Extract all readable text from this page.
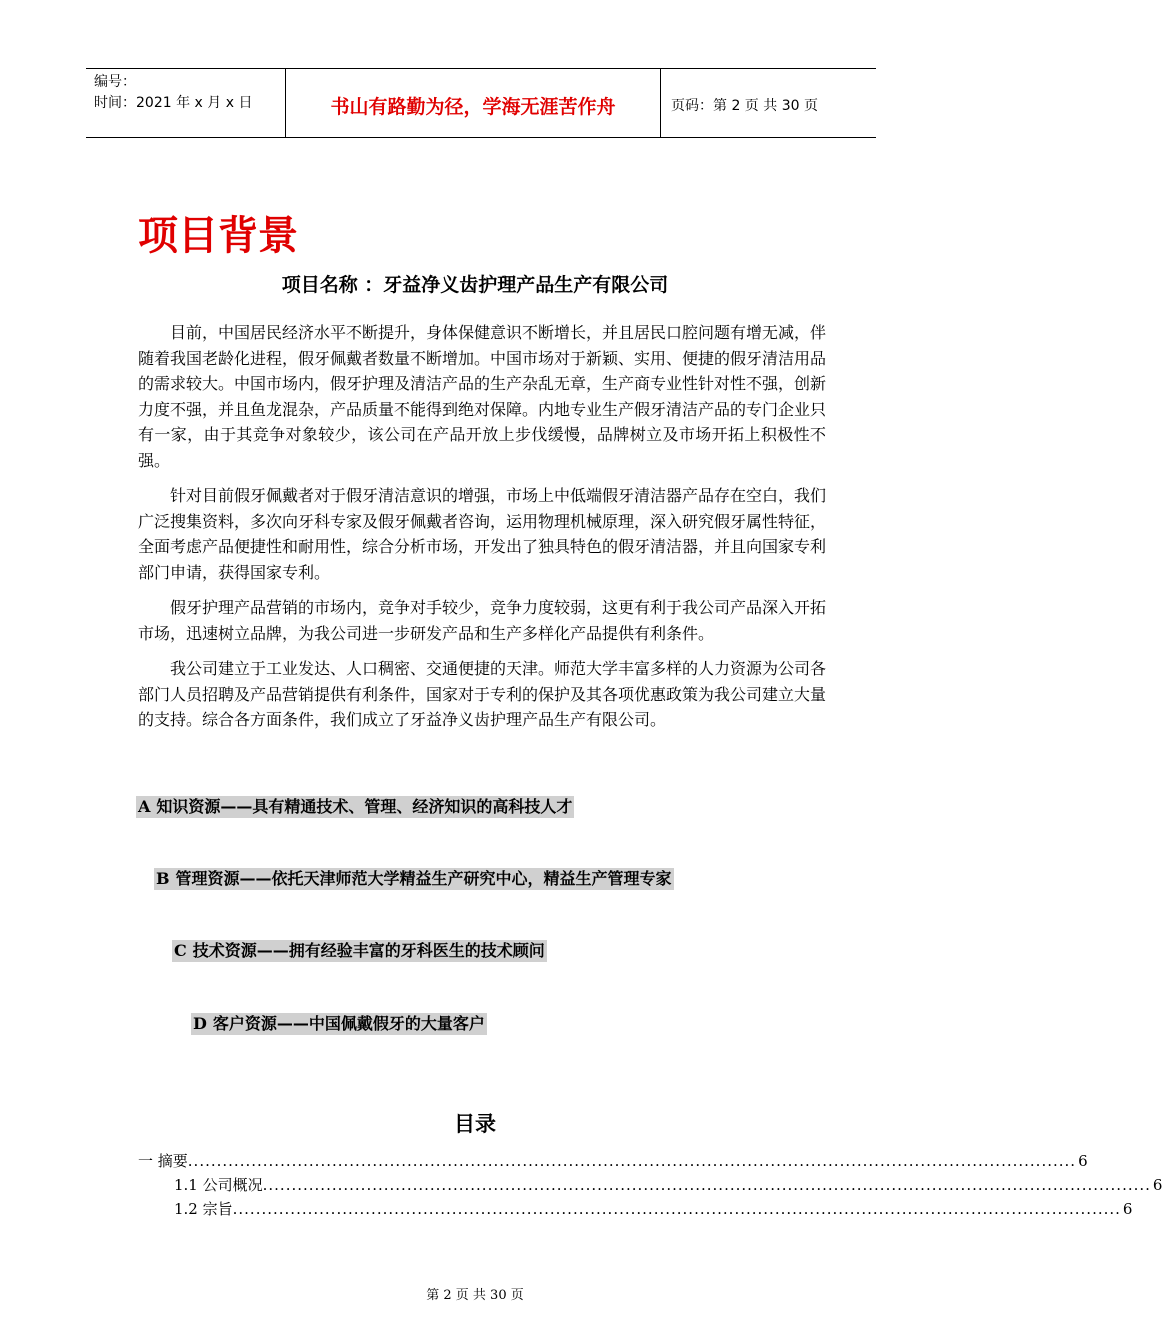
编号：
时间：2021 年 x 月 x 日	书山有路勤为径，学海无涯苦作舟	页码：第 2 页 共 30 页
项目背景
项目名称 ：牙益净义齿护理产品生产有限公司

目前，中国居民经济水平不断提升，身体保健意识不断增长，并且居民口腔问题有增无减，伴随着我国老龄化进程，假牙佩戴者数量不断增加。中国市场对于新颖、实用、便捷的假牙清洁用品的需求较大。中国市场内，假牙护理及清洁产品的生产杂乱无章，生产商专业性针对性不强，创新力度不强，并且鱼龙混杂，产品质量不能得到绝对保障。内地专业生产假牙清洁产品的专门企业只有一家，由于其竞争对象较少，该公司在产品开放上步伐缓慢，品牌树立及市场开拓上积极性不强。

针对目前假牙佩戴者对于假牙清洁意识的增强，市场上中低端假牙清洁器产品存在空白，我们广泛搜集资料，多次向牙科专家及假牙佩戴者咨询，运用物理机械原理，深入研究假牙属性特征，全面考虑产品便捷性和耐用性，综合分析市场，开发出了独具特色的假牙清洁器，并且向国家专利部门申请，获得国家专利。

假牙护理产品营销的市场内，竞争对手较少，竞争力度较弱，这更有利于我公司产品深入开拓市场，迅速树立品牌，为我公司进一步研发产品和生产多样化产品提供有利条件。

我公司建立于工业发达、人口稠密、交通便捷的天津。师范大学丰富多样的人力资源为公司各部门人员招聘及产品营销提供有利条件，国家对于专利的保护及其各项优惠政策为我公司建立大量的支持。综合各方面条件，我们成立了牙益净义齿护理产品生产有限公司。

A 知识资源——具有精通技术、管理、经济知识的高科技人才
B 管理资源——依托天津师范大学精益生产研究中心，精益生产管理专家
C 技术资源——拥有经验丰富的牙科医生的技术顾问
D 客户资源——中国佩戴假牙的大量客户
目录
一 摘要 .......................................................................................................................................................... 6
1.1 公司概况 .......................................................................................................................................................... 6
1.2 宗旨 .......................................................................................................................................................... 6
第 2 页 共 30 页
